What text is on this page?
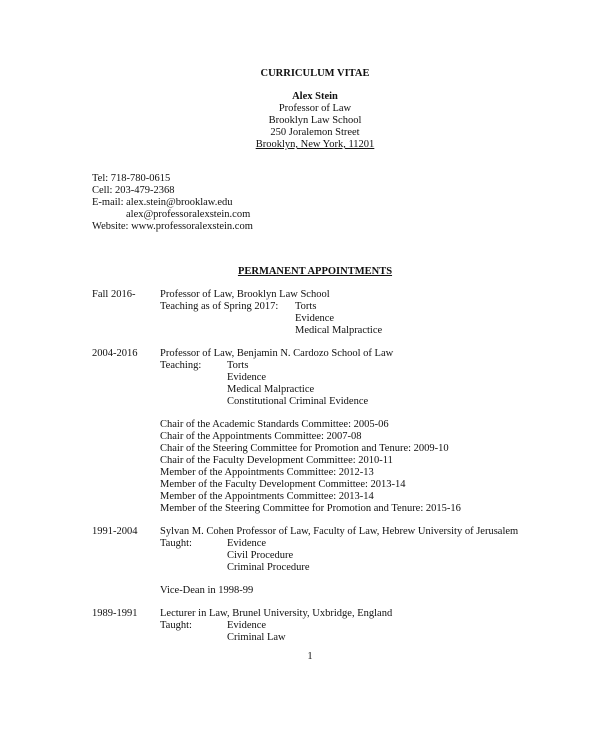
CURRICULUM VITAE
Alex Stein
Professor of Law
Brooklyn Law School
250 Joralemon Street
Brooklyn, New York, 11201
Tel: 718-780-0615
Cell: 203-479-2368
E-mail: alex.stein@brooklaw.edu
alex@professoralexstein.com
Website: www.professoralexstein.com
PERMANENT APPOINTMENTS
Fall 2016- Professor of Law, Brooklyn Law School
Teaching as of Spring 2017: Torts
Evidence
Medical Malpractice
2004-2016 Professor of Law, Benjamin N. Cardozo School of Law
Teaching: Torts
Evidence
Medical Malpractice
Constitutional Criminal Evidence
Chair of the Academic Standards Committee: 2005-06
Chair of the Appointments Committee: 2007-08
Chair of the Steering Committee for Promotion and Tenure: 2009-10
Chair of the Faculty Development Committee: 2010-11
Member of the Appointments Committee: 2012-13
Member of the Faculty Development Committee: 2013-14
Member of the Appointments Committee: 2013-14
Member of the Steering Committee for Promotion and Tenure: 2015-16
1991-2004 Sylvan M. Cohen Professor of Law, Faculty of Law, Hebrew University of Jerusalem
Taught:	Evidence
Civil Procedure
Criminal Procedure
Vice-Dean in 1998-99
1989-1991 Lecturer in Law, Brunel University, Uxbridge, England
Taught:	Evidence
Criminal Law
1
